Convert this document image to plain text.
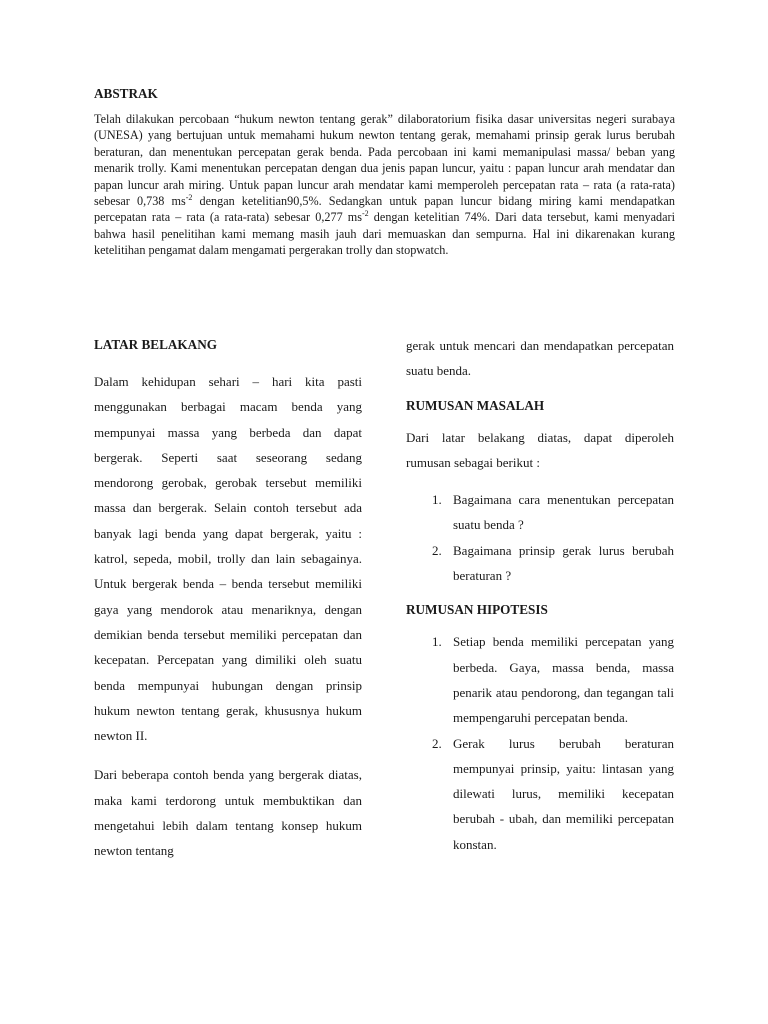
ABSTRAK

Telah dilakukan percobaan “hukum newton tentang gerak” dilaboratorium fisika dasar universitas negeri surabaya (UNESA) yang bertujuan untuk memahami hukum newton tentang gerak, memahami prinsip gerak lurus berubah beraturan, dan menentukan percepatan gerak benda. Pada percobaan ini kami memanipulasi massa/ beban yang menarik trolly. Kami menentukan percepatan dengan dua jenis papan luncur, yaitu : papan luncur arah mendatar dan papan luncur arah miring. Untuk papan luncur arah mendatar kami memperoleh percepatan rata – rata (a rata-rata) sebesar 0,738 $ms^{-2}$ dengan ketelitian90,5%. Sedangkan untuk papan luncur bidang miring kami mendapatkan percepatan rata – rata (a rata-rata) sebesar 0,277 $ms^{-2}$ dengan ketelitian 74%. Dari data tersebut, kami menyadari bahwa hasil penelitihan kami memang masih jauh dari memuaskan dan sempurna. Hal ini dikarenakan kurang ketelitihan pengamat dalam mengamati pergerakan trolly dan stopwatch.

LATAR BELAKANG

Dalam kehidupan sehari – hari kita pasti menggunakan berbagai macam benda yang mempunyai massa yang berbeda dan dapat bergerak. Seperti saat seseorang sedang mendorong gerobak, gerobak tersebut memiliki massa dan bergerak. Selain contoh tersebut ada banyak lagi benda yang dapat bergerak, yaitu : katrol, sepeda, mobil, trolly dan lain sebagainya. Untuk bergerak benda – benda tersebut memiliki gaya yang mendorok atau menariknya, dengan demikian benda tersebut memiliki percepatan dan kecepatan. Percepatan yang dimiliki oleh suatu benda mempunyai hubungan dengan prinsip hukum newton tentang gerak, khususnya hukum newton II.

Dari beberapa contoh benda yang bergerak diatas, maka kami terdorong untuk membuktikan dan mengetahui lebih dalam tentang konsep hukum newton tentang

gerak untuk mencari dan mendapatkan percepatan suatu benda.

RUMUSAN MASALAH

Dari latar belakang diatas, dapat diperoleh rumusan sebagai berikut :

1. Bagaimana cara menentukan percepatan suatu benda ?
2. Bagaimana prinsip gerak lurus berubah beraturan ?
RUMUSAN HIPOTESIS
1. Setiap benda memiliki percepatan yang berbeda. Gaya, massa benda, massa penarik atau pendorong, dan tegangan tali mempengaruhi percepatan benda.
2. Gerak lurus berubah beraturan mempunyai prinsip, yaitu: lintasan yang dilewati lurus, memiliki kecepatan berubah - ubah, dan memiliki percepatan konstan.
